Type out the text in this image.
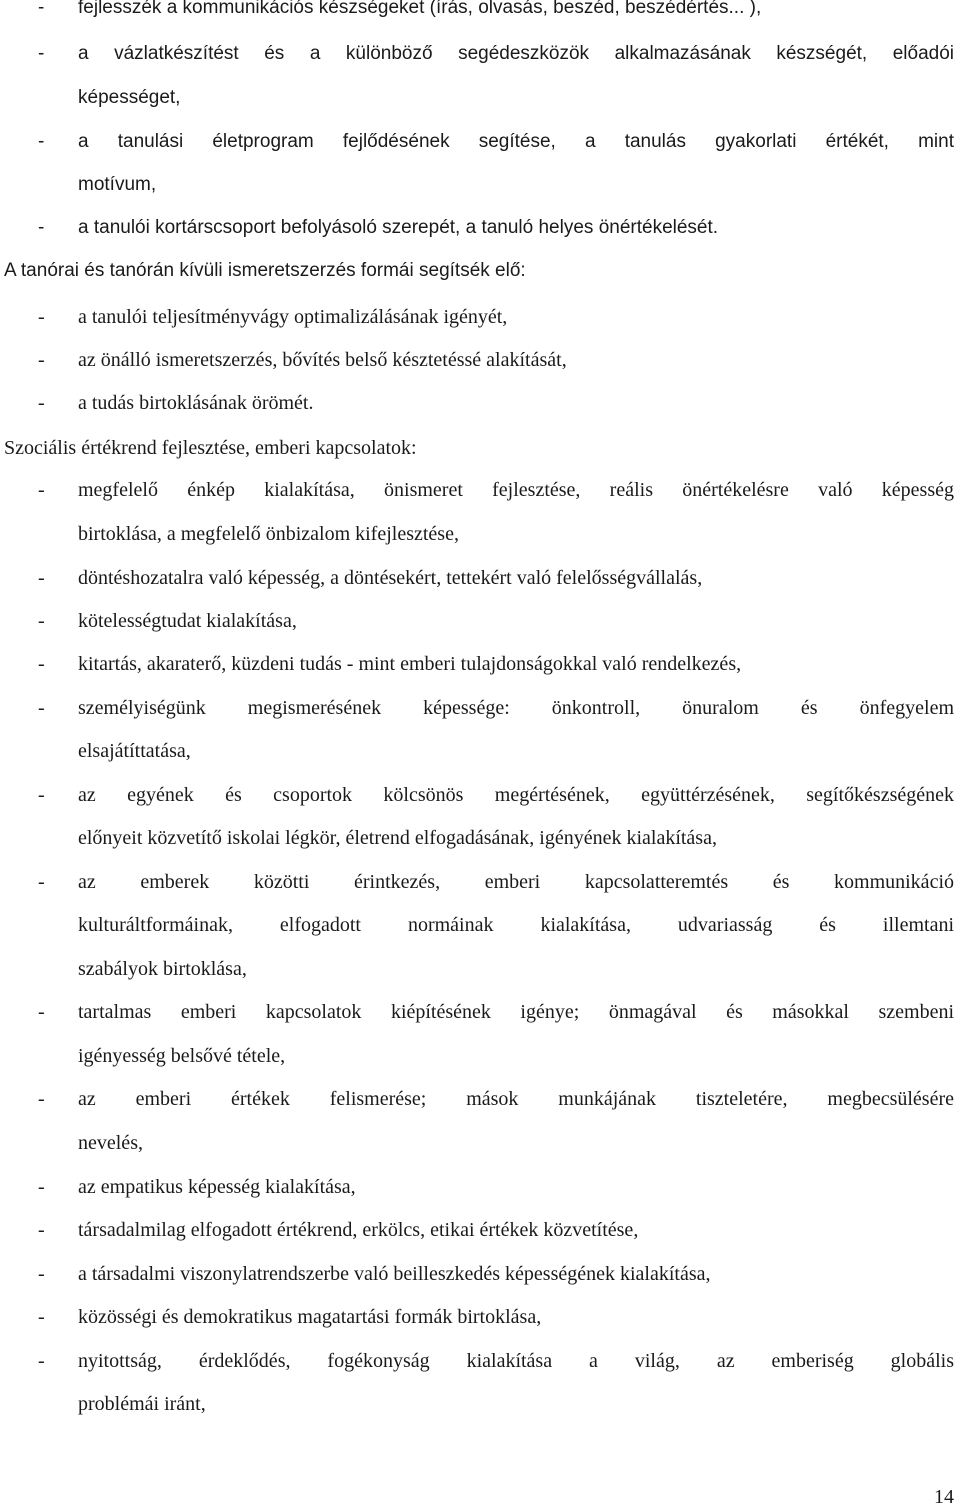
- fejlesszék a kommunikációs készségeket (írás, olvasás, beszéd, beszédértés... ),
- a vázlatkészítést és a különböző segédeszközök alkalmazásának készségét, előadói
képességet,
- a tanulási életprogram fejlődésének segítése, a tanulás gyakorlati értékét, mint
motívum,
- a tanulói kortárscsoport befolyásoló szerepét, a tanuló helyes önértékelését.
A tanórai és tanórán kívüli ismeretszerzés formái segítsék elő:
- a tanulói teljesítményvágy optimalizálásának igényét,
- az önálló ismeretszerzés, bővítés belső késztetéssé alakítását,
- a tudás birtoklásának örömét.
Szociális értékrend fejlesztése, emberi kapcsolatok:
- megfelelő énkép kialakítása, önismeret fejlesztése, reális önértékelésre való képesség
birtoklása, a megfelelő önbizalom kifejlesztése,
- döntéshozatalra való képesség, a döntésekért, tettekért való felelősségvállalás,
- kötelességtudat kialakítása,
- kitartás, akaraterő, küzdeni tudás - mint emberi tulajdonságokkal való rendelkezés,
- személyiségünk megismerésének képessége: önkontroll, önuralom és önfegyelem
elsajátíttatása,
- az egyének és csoportok kölcsönös megértésének, együttérzésének, segítőkészségének
előnyeit közvetítő iskolai légkör, életrend elfogadásának, igényének kialakítása,
- az emberek közötti érintkezés, emberi kapcsolatteremtés és kommunikáció
kulturáltformáinak, elfogadott normáinak kialakítása, udvariasság és illemtani
szabályok birtoklása,
- tartalmas emberi kapcsolatok kiépítésének igénye; önmagával és másokkal szembeni
igényesség belsővé tétele,
- az emberi értékek felismerése; mások munkájának tiszteletére, megbecsülésére
nevelés,
- az empatikus képesség kialakítása,
- társadalmilag elfogadott értékrend, erkölcs, etikai értékek közvetítése,
- a társadalmi viszonylatrendszerbe való beilleszkedés képességének kialakítása,
- közösségi és demokratikus magatartási formák birtoklása,
- nyitottság, érdeklődés, fogékonyság kialakítása a világ, az emberiség globális
problémái iránt,
14
